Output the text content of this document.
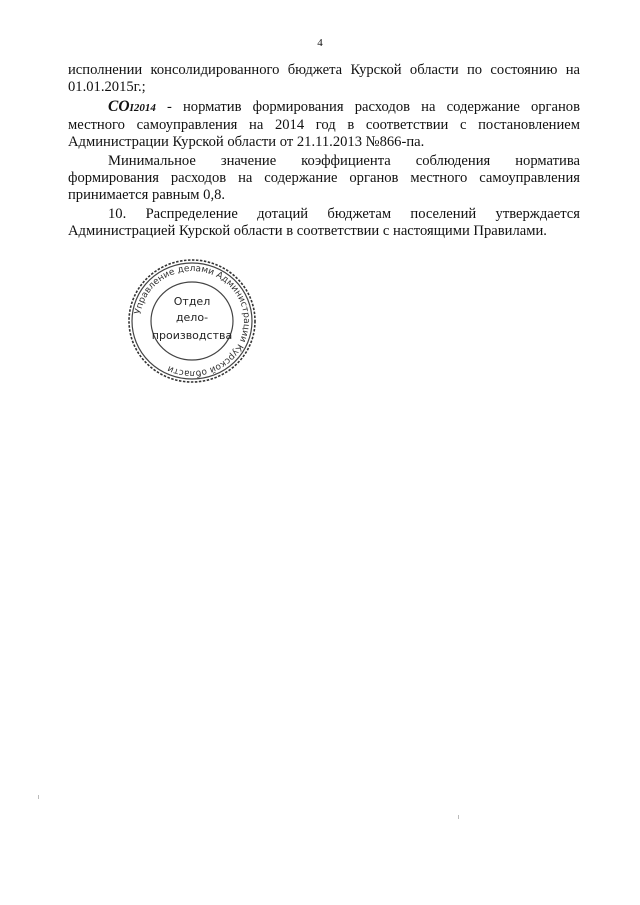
4

исполнении консолидированного бюджета Курской области по состоянию на 01.01.2015г.;

СОI2014 - норматив формирования расходов на содержание органов местного самоуправления на 2014 год в соответствии с постановлением Администрации Курской области от 21.11.2013 №866-па.

Минимальное значение коэффициента соблюдения норматива формирования расходов на содержание органов местного самоуправления принимается равным 0,8.

10. Распределение дотаций бюджетам поселений утверждается Администрацией Курской области в соответствии с настоящими Правилами.

Управление делами Администрации Курской области
Отдел
дело-
производства
